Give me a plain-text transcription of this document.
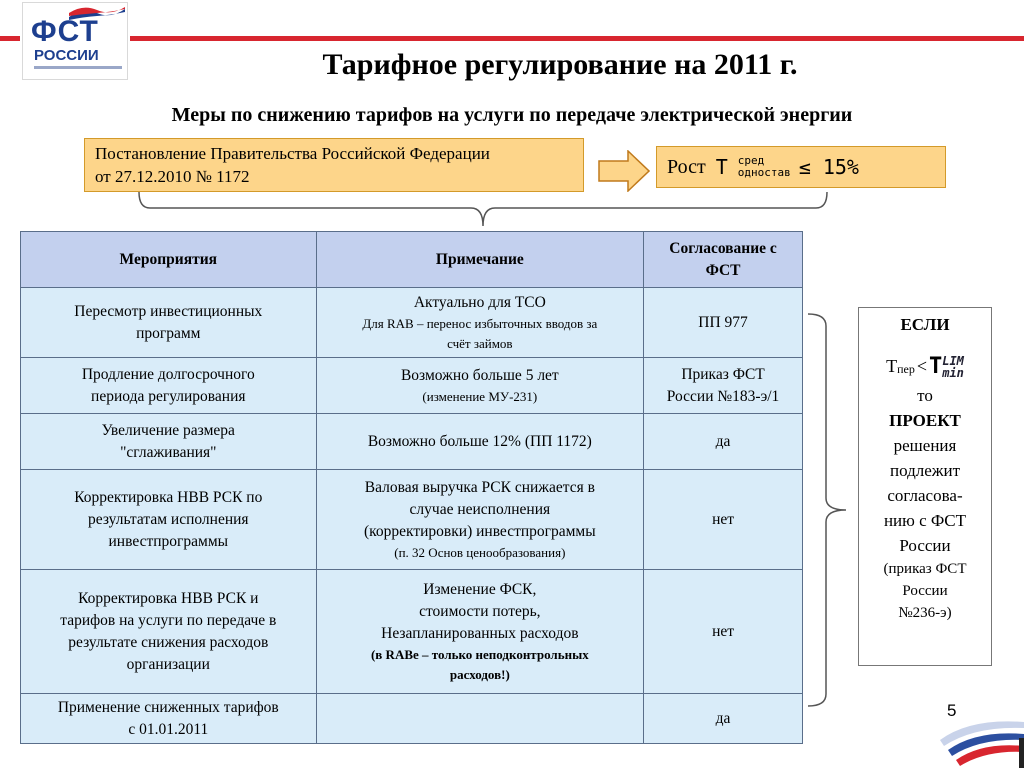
ФСТ
РОССИИ	Тарифное регулирование на 2011 г.
Меры по снижению тарифов на услуги по передаче электрической энергии
Постановление Правительства Российской Федерации
от 27.12.2010 № 1172	Рост T сред
одностав ≤ 15%
Мероприятия	Примечание	Согласование с
ФСТ

Пересмотр инвестиционных
программ	Актуально для ТСО
Для RAB – перенос избыточных вводов за
счёт займов	ПП 977

Продление долгосрочного
периода регулирования	Возможно больше 5 лет
(изменение МУ-231)	Приказ ФСТ
России №183-э/1

Увеличение размера
"сглаживания"	Возможно больше 12% (ПП 1172)	да

Корректировка НВВ РСК по
результатам исполнения
инвестпрограммы	Валовая выручка РСК снижается в
случае неисполнения
(корректировки) инвестпрограммы
(п. 32 Основ ценообразования)	нет

Корректировка НВВ РСК и
тарифов на услуги по передаче в
результате снижения расходов
организации	Изменение ФСК,
стоимости потерь,
Незапланированных расходов
(в RABе – только неподконтрольных
расходов!)	нет

Применение сниженных тарифов
с 01.01.2011		да
ЕСЛИ
Т пер < T LIM
min
то
ПРОЕКТ
решения
подлежит
согласова-
нию с ФСТ
России
(приказ ФСТ
России
№236-э)
5
